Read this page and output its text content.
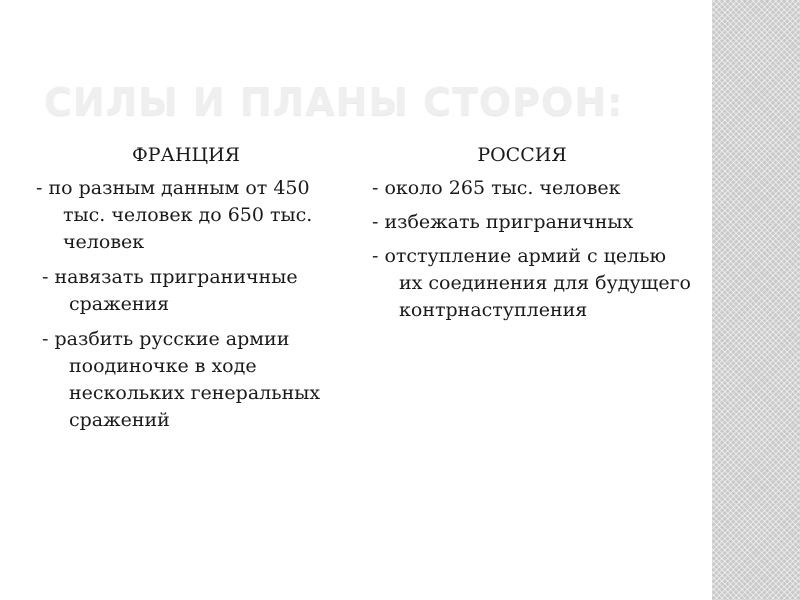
СИЛЫ И ПЛАНЫ СТОРОН:
ФРАНЦИЯ
- по разным данным от 450 тыс. человек до 650 тыс. человек
- навязать приграничные сражения
- разбить русские армии поодиночке в ходе нескольких генеральных сражений
РОССИЯ
- около 265 тыс. человек
- избежать приграничных
- отступление армий с целью их соединения для будущего контрнаступления
